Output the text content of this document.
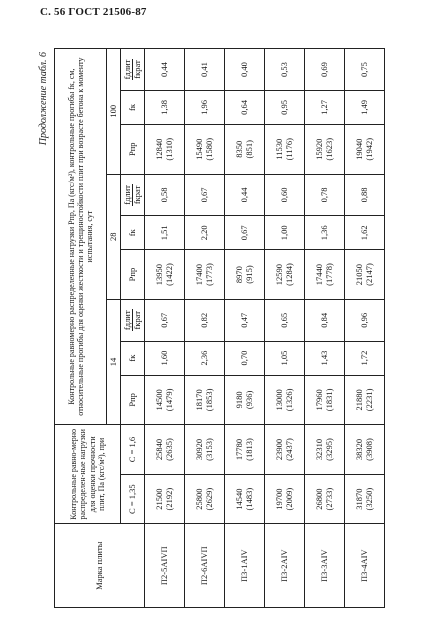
С. 56 ГОСТ 21506-87
Продолжение табл. 6
Марка плиты	Контрольные равно-мерно распределен-ные нагрузки для оценки прочности плит, Па (кгс/м²), при		Контрольные равномерно распределенные нагрузки Pпр, Па (кгс/м²), контрольные прогибы fк, см, относительные прогибы для оценки жесткости и трещиностойкости плит при возрасте бетона к моменту испытания, сут								
			14			28			100		
	C = 1,35	C = 1,6	Pпр	fк	fдлит fкрат	Pпр	fк	fдлит fкрат	Pпр	fк	fдлит fкрат

П2-5АIVП	21500 (2192)	25840 (2635)	14500 (1479)	1,60	0,67	13950 (1422)	1,51	0,58	12840 (1310)	1,38	0,44
П2-6АIVП	25800 (2629)	30920 (3153)	18170 (1853)	2,36	0,82	17400 (1773)	2,20	0,67	15490 (1580)	1,96	0,41
П3-1АIV	14540 (1483)	17780 (1813)	9180 (936)	0,70	0,47	8970 (915)	0,67	0,44	8350 (851)	0,64	0,40
П3-2АIV	19700 (2009)	23900 (2437)	13000 (1326)	1,05	0,65	12590 (1284)	1,00	0,60	11530 (1176)	0,95	0,53
П3-3АIV	26800 (2733)	32310 (3295)	17960 (1831)	1,43	0,84	17440 (1778)	1,36	0,78	15920 (1623)	1,27	0,69
П3-4АIV	31870 (3250)	38320 (3908)	21880 (2231)	1,72	0,96	21050 (2147)	1,62	0,88	19040 (1942)	1,49	0,75
